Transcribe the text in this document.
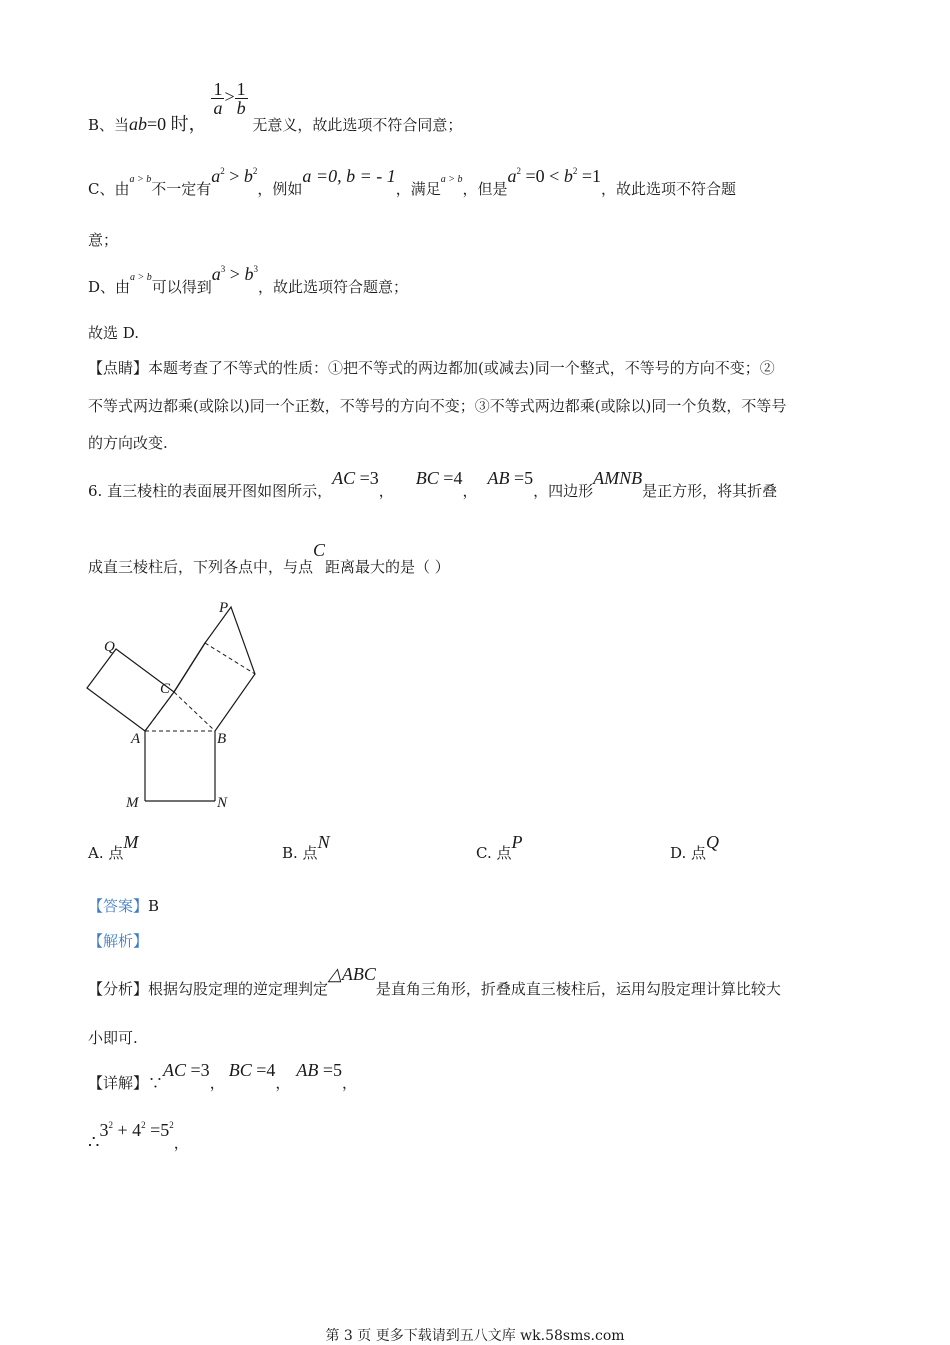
B、当ab=0 时，
$\frac{1}{a} > \frac{1}{b}$
无意义，故此选项不符合同意；
C、由$^{a > b}$不一定有$a^2 > b^2$，例如a =0, b = - 1，满足$^{a > b}$，但是$a^2 =0 < b^2 =1$，故此选项不符合题
意；
D、由$^{a > b}$可以得到$a^3 > b^3$，故此选项符合题意；
故选 D.
【点睛】本题考查了不等式的性质：①把不等式的两边都加(或减去)同一个整式，不等号的方向不变；②
不等式两边都乘(或除以)同一个正数，不等号的方向不变；③不等式两边都乘(或除以)同一个负数，不等号
的方向改变.
6. 直三棱柱的表面展开图如图所示，AC =3，BC =4，AB =5，四边形AMNB是正方形，将其折叠
成直三棱柱后，下列各点中，与点C距离最大的是（ ）
P
Q
C
A	B
M	N
A. 点M
B. 点N
C. 点P
D. 点Q
【答案】B
【解析】
【分析】根据勾股定理的逆定理判定△ABC是直角三角形，折叠成直三棱柱后，运用勾股定理计算比较大
小即可.
【详解】∵AC =3，BC =4，AB =5，
$\therefore 3^2 + 4^2 =5^2$，
第 3 页 更多下载请到五八文库 wk.58sms.com
